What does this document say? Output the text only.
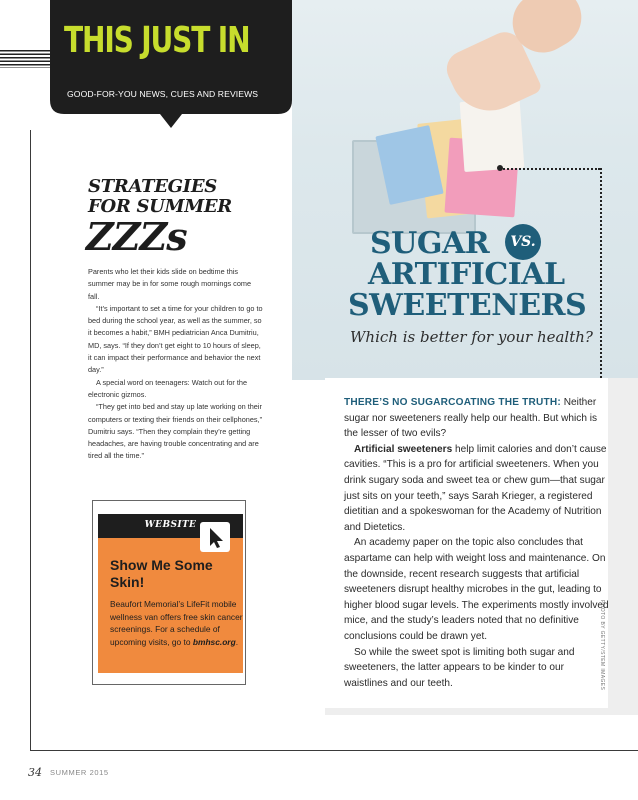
THIS JUST IN
GOOD-FOR-YOU NEWS, CUES AND REVIEWS
SUGAR	VS.
ARTIFICIAL
SWEETENERS
Which is better for your health?

THERE’S NO SUGARCOATING THE TRUTH: Neither sugar nor sweeteners really help our health. But which is the lesser of two evils?

Artificial sweeteners help limit calories and don’t cause cavities. “This is a pro for artificial sweeteners. When you drink sugary soda and sweet tea or chew gum—that sugar just sits on your teeth,” says Sarah Krieger, a registered dietitian and a spokeswoman for the Academy of Nutrition and Dietetics.

An academy paper on the topic also concludes that aspartame can help with weight loss and maintenance. On the downside, recent research suggests that artificial sweeteners disrupt healthy microbes in the gut, leading to higher blood sugar levels. The experiments mostly involved mice, and the study’s leaders noted that no definitive conclusions could be drawn yet.

So while the sweet spot is limiting both sugar and sweeteners, the latter appears to be kinder to our waistlines and our teeth.	PHOTO BY GETTY/STEM IMAGES
STRATEGIES
FOR SUMMER
ZZZs

Parents who let their kids slide on bedtime this summer may be in for some rough mornings come fall.

“It’s important to set a time for your children to go to bed during the school year, as well as the summer, so it becomes a habit,” BMH pediatrician Anca Dumitriu, MD, says. “If they don’t get eight to 10 hours of sleep, it can impact their performance and behavior the next day.”

A special word on teenagers: Watch out for the electronic gizmos.

“They get into bed and stay up late working on their computers or texting their friends on their cellphones,” Dumitriu says. “Then they complain they’re getting headaches, are having trouble concentrating and are tired all the time.”

WEBSITE
Show Me Some Skin!
Beaufort Memorial’s LifeFit mobile wellness van offers free skin cancer screenings. For a schedule of upcoming visits, go to bmhsc.org.
34 SUMMER 2015
